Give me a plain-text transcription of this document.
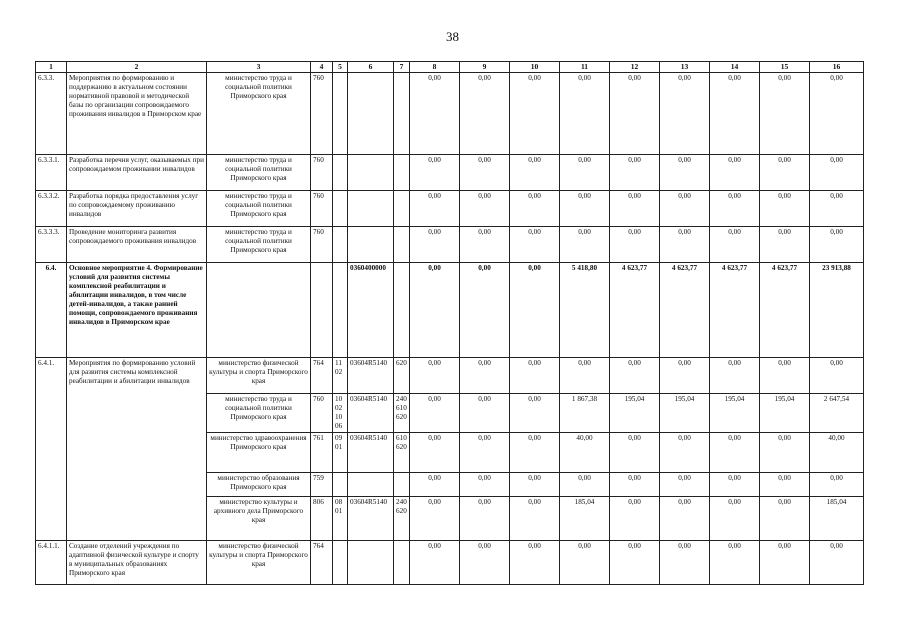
38
1	2	3	4	5	6	7	8	9	10	11	12	13	14	15	16
6.3.3.	Мероприятия по формированию и поддержанию в актуальном состоянии нормативной правовой и методической базы по организации сопровождаемого проживания инвалидов в Приморском крае	министерство труда и социальной политики Приморского края	760				0,00	0,00	0,00	0,00	0,00	0,00	0,00	0,00	0,00
6.3.3.1.	Разработка перечня услуг, оказываемых при сопровождаемом проживании инвалидов	министерство труда и социальной политики Приморского края	760				0,00	0,00	0,00	0,00	0,00	0,00	0,00	0,00	0,00
6.3.3.2.	Разработка порядка предоставления услуг по сопровождаемому проживанию инвалидов	министерство труда и социальной политики Приморского края	760				0,00	0,00	0,00	0,00	0,00	0,00	0,00	0,00	0,00
6.3.3.3.	Проведение мониторинга развития сопровождаемого проживания инвалидов	министерство труда и социальной политики Приморского края	760				0,00	0,00	0,00	0,00	0,00	0,00	0,00	0,00	0,00
6.4.	Основное мероприятие 4. Формирование условий для развития системы комплексной реабилитации и абилитации инвалидов, в том числе детей-инвалидов, а также ранней помощи, сопровождаемого проживания инвалидов в Приморском крае				0360400000		0,00	0,00	0,00	5 418,80	4 623,77	4 623,77	4 623,77	4 623,77	23 913,88
6.4.1.	Мероприятия по формированию условий для развития системы комплексной реабилитации и абилитации инвалидов	министерство физической культуры и спорта Приморского края	764	1102	03604R5140	620	0,00	0,00	0,00	0,00	0,00	0,00	0,00	0,00	0,00
		министерство труда и социальной политики Приморского края	760	1002 1006	03604R5140	240 610 620	0,00	0,00	0,00	1 867,38	195,04	195,04	195,04	195,04	2 647,54
		министерство здравоохранения Приморского края	761	0901	03604R5140	610 620	0,00	0,00	0,00	40,00	0,00	0,00	0,00	0,00	40,00
		министерство образования Приморского края	759				0,00	0,00	0,00	0,00	0,00	0,00	0,00	0,00	0,00
		министерство культуры и архивного дела Приморского края	806	0801	03604R5140	240 620	0,00	0,00	0,00	185,04	0,00	0,00	0,00	0,00	185,04
6.4.1.1.	Создание отделений учреждения по адаптивной физической культуре и спорту в муниципальных образованиях Приморского края	министерство физической культуры и спорта Приморского края	764				0,00	0,00	0,00	0,00	0,00	0,00	0,00	0,00	0,00
